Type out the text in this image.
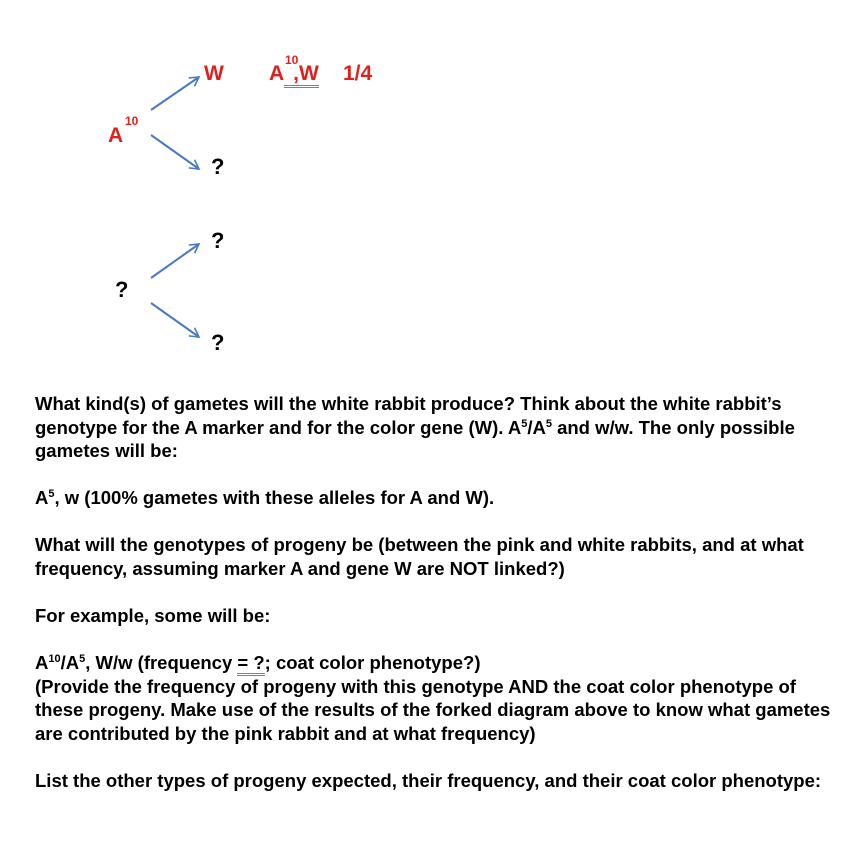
10
A
W
10
A ,W 1/4
?
?
?
?
What kind(s) of gametes will the white rabbit produce? Think about the white rabbit’s genotype for the A marker and for the color gene (W). $A^5/A^5$ and w/w. The only possible gametes will be:
$A^5$, w (100% gametes with these alleles for A and W).
What will the genotypes of progeny be (between the pink and white rabbits, and at what frequency, assuming marker A and gene W are NOT linked?)
For example, some will be:
$A^{10}/A^5$, W/w (frequency = ?; coat color phenotype?)
(Provide the frequency of progeny with this genotype AND the coat color phenotype of these progeny. Make use of the results of the forked diagram above to know what gametes are contributed by the pink rabbit and at what frequency)
List the other types of progeny expected, their frequency, and their coat color phenotype:
